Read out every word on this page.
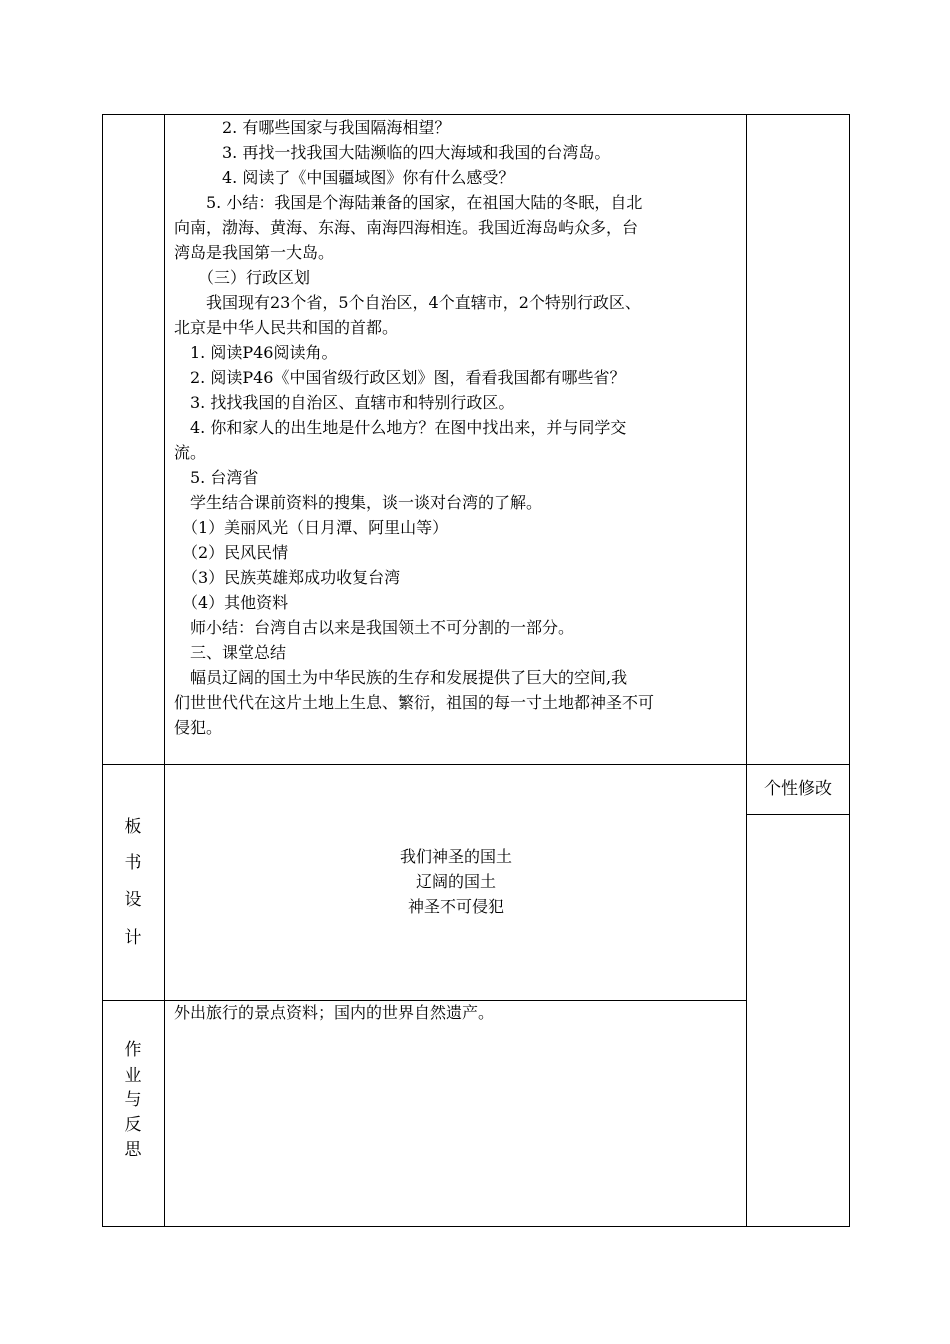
　　　2. 有哪些国家与我国隔海相望？
　　　3. 再找一找我国大陆濒临的四大海域和我国的台湾岛。
　　　4. 阅读了《中国疆域图》你有什么感受？
　　5. 小结：我国是个海陆兼备的国家，在祖国大陆的冬眠，自北
向南，渤海、黄海、东海、南海四海相连。我国近海岛屿众多，台
湾岛是我国第一大岛。
　　（三）行政区划
　　我国现有23个省，5个自治区，4个直辖市，2个特别行政区、
北京是中华人民共和国的首都。
　1. 阅读P46阅读角。
　2. 阅读P46《中国省级行政区划》图，看看我国都有哪些省？
　3. 找找我国的自治区、直辖市和特别行政区。
　4. 你和家人的出生地是什么地方？在图中找出来，并与同学交
流。
　5. 台湾省
　学生结合课前资料的搜集，谈一谈对台湾的了解。
　（1）美丽风光（日月潭、阿里山等）
　（2）民风民情
　（3）民族英雄郑成功收复台湾
　（4）其他资料
　师小结：台湾自古以来是我国领土不可分割的一部分。
　三、课堂总结
　幅员辽阔的国土为中华民族的生存和发展提供了巨大的空间,我
们世世代代在这片土地上生息、繁衍，祖国的每一寸土地都神圣不可
侵犯。
个性修改
板
书
设
计
我们神圣的国土
辽阔的国土
神圣不可侵犯
作
业
与
反
思
外出旅行的景点资料；国内的世界自然遗产。
